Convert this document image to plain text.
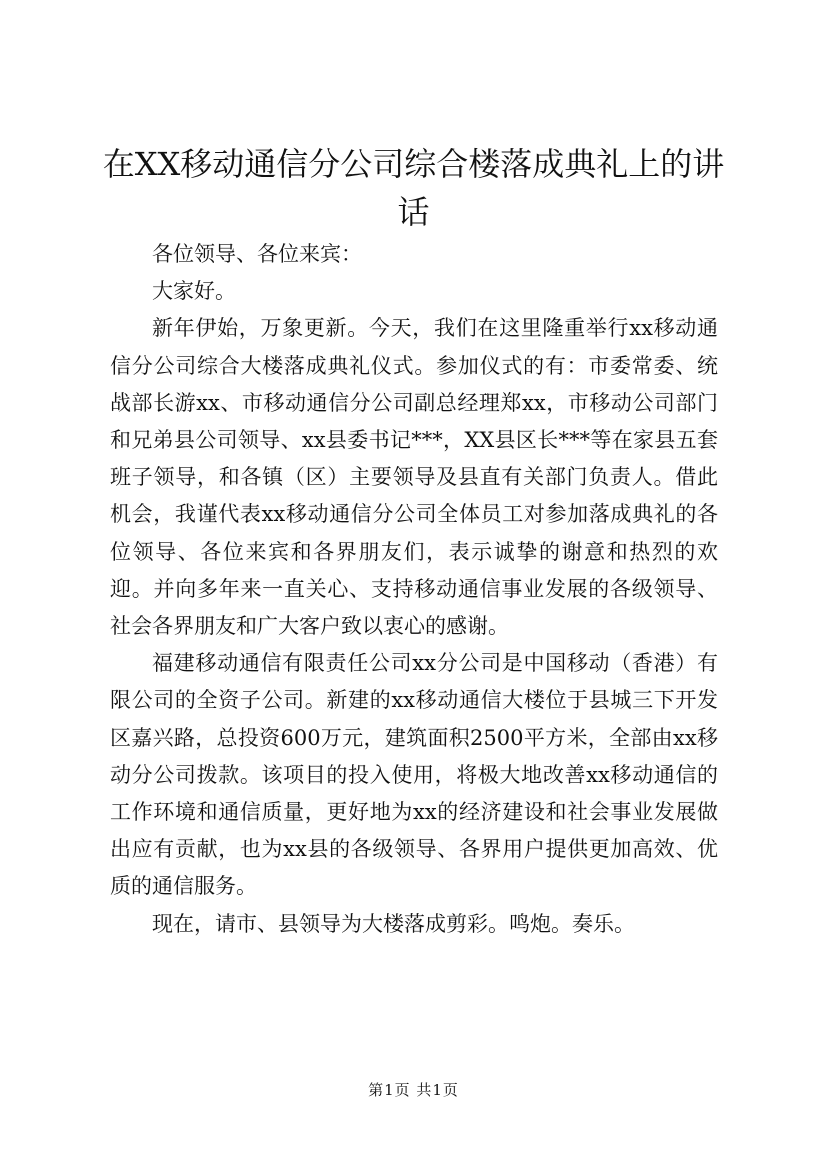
在XX移动通信分公司综合楼落成典礼上的讲话

各位领导、各位来宾：

大家好。

新年伊始，万象更新。今天，我们在这里隆重举行xx移动通信分公司综合大楼落成典礼仪式。参加仪式的有：市委常委、统战部长游xx、市移动通信分公司副总经理郑xx，市移动公司部门和兄弟县公司领导、xx县委书记***，XX县区长***等在家县五套班子领导，和各镇（区）主要领导及县直有关部门负责人。借此机会，我谨代表xx移动通信分公司全体员工对参加落成典礼的各位领导、各位来宾和各界朋友们，表示诚挚的谢意和热烈的欢迎。并向多年来一直关心、支持移动通信事业发展的各级领导、社会各界朋友和广大客户致以衷心的感谢。

福建移动通信有限责任公司xx分公司是中国移动（香港）有限公司的全资子公司。新建的xx移动通信大楼位于县城三下开发区嘉兴路，总投资600万元，建筑面积2500平方米，全部由xx移动分公司拨款。该项目的投入使用，将极大地改善xx移动通信的工作环境和通信质量，更好地为xx的经济建设和社会事业发展做出应有贡献，也为xx县的各级领导、各界用户提供更加高效、优质的通信服务。

现在，请市、县领导为大楼落成剪彩。鸣炮。奏乐。

第1页 共1页
